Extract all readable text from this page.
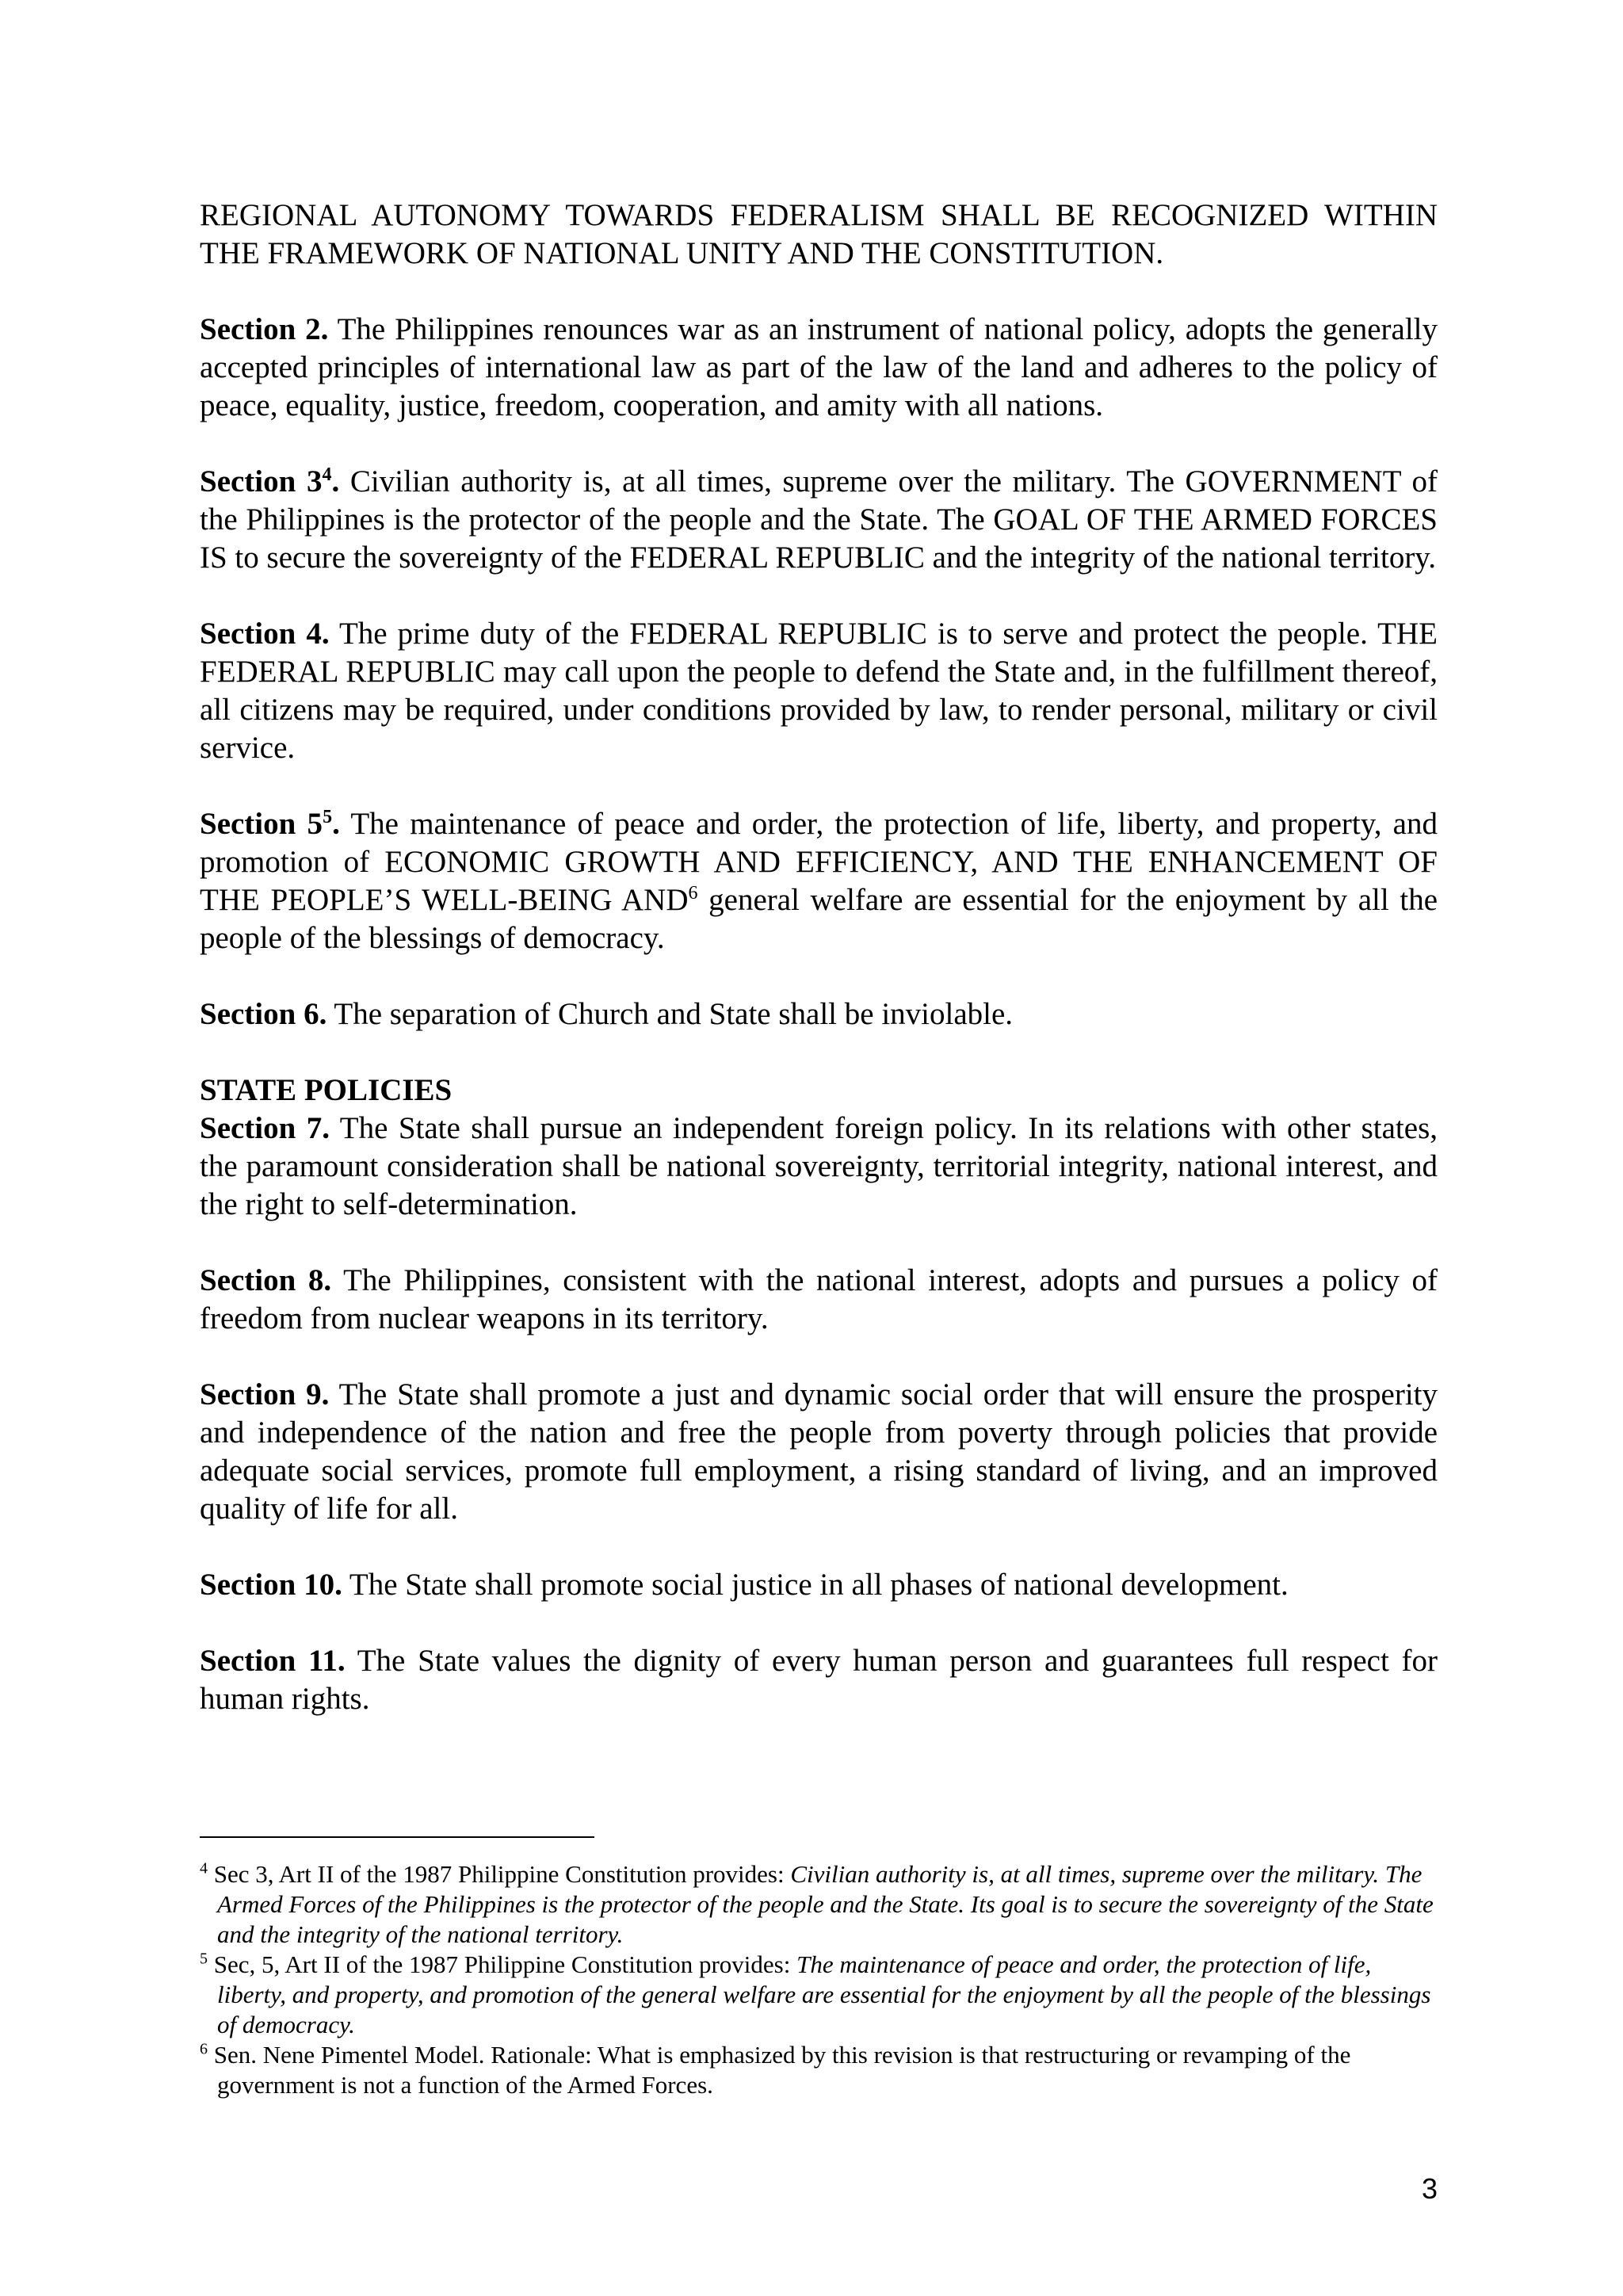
REGIONAL AUTONOMY TOWARDS FEDERALISM SHALL BE RECOGNIZED WITHIN THE FRAMEWORK OF NATIONAL UNITY AND THE CONSTITUTION.

Section 2. The Philippines renounces war as an instrument of national policy, adopts the generally accepted principles of international law as part of the law of the land and adheres to the policy of peace, equality, justice, freedom, cooperation, and amity with all nations.

Section $3^4$. Civilian authority is, at all times, supreme over the military. The GOVERNMENT of the Philippines is the protector of the people and the State. The GOAL OF THE ARMED FORCES IS to secure the sovereignty of the FEDERAL REPUBLIC and the integrity of the national territory.

Section 4. The prime duty of the FEDERAL REPUBLIC is to serve and protect the people. THE FEDERAL REPUBLIC may call upon the people to defend the State and, in the fulfillment thereof, all citizens may be required, under conditions provided by law, to render personal, military or civil service.

Section $5^5$. The maintenance of peace and order, the protection of life, liberty, and property, and promotion of ECONOMIC GROWTH AND EFFICIENCY, AND THE ENHANCEMENT OF THE PEOPLE’S WELL-BEING AND$^6$ general welfare are essential for the enjoyment by all the people of the blessings of democracy.

Section 6. The separation of Church and State shall be inviolable.

STATE POLICIES

Section 7. The State shall pursue an independent foreign policy. In its relations with other states, the paramount consideration shall be national sovereignty, territorial integrity, national interest, and the right to self-determination.

Section 8. The Philippines, consistent with the national interest, adopts and pursues a policy of freedom from nuclear weapons in its territory.

Section 9. The State shall promote a just and dynamic social order that will ensure the prosperity and independence of the nation and free the people from poverty through policies that provide adequate social services, promote full employment, a rising standard of living, and an improved quality of life for all.

Section 10. The State shall promote social justice in all phases of national development.

Section 11. The State values the dignity of every human person and guarantees full respect for human rights.

$^4$ Sec 3, Art II of the 1987 Philippine Constitution provides: Civilian authority is, at all times, supreme over the military. The Armed Forces of the Philippines is the protector of the people and the State. Its goal is to secure the sovereignty of the State and the integrity of the national territory.

$^5$ Sec, 5, Art II of the 1987 Philippine Constitution provides: The maintenance of peace and order, the protection of life, liberty, and property, and promotion of the general welfare are essential for the enjoyment by all the people of the blessings of democracy.

$^6$ Sen. Nene Pimentel Model. Rationale: What is emphasized by this revision is that restructuring or revamping of the government is not a function of the Armed Forces.

3
